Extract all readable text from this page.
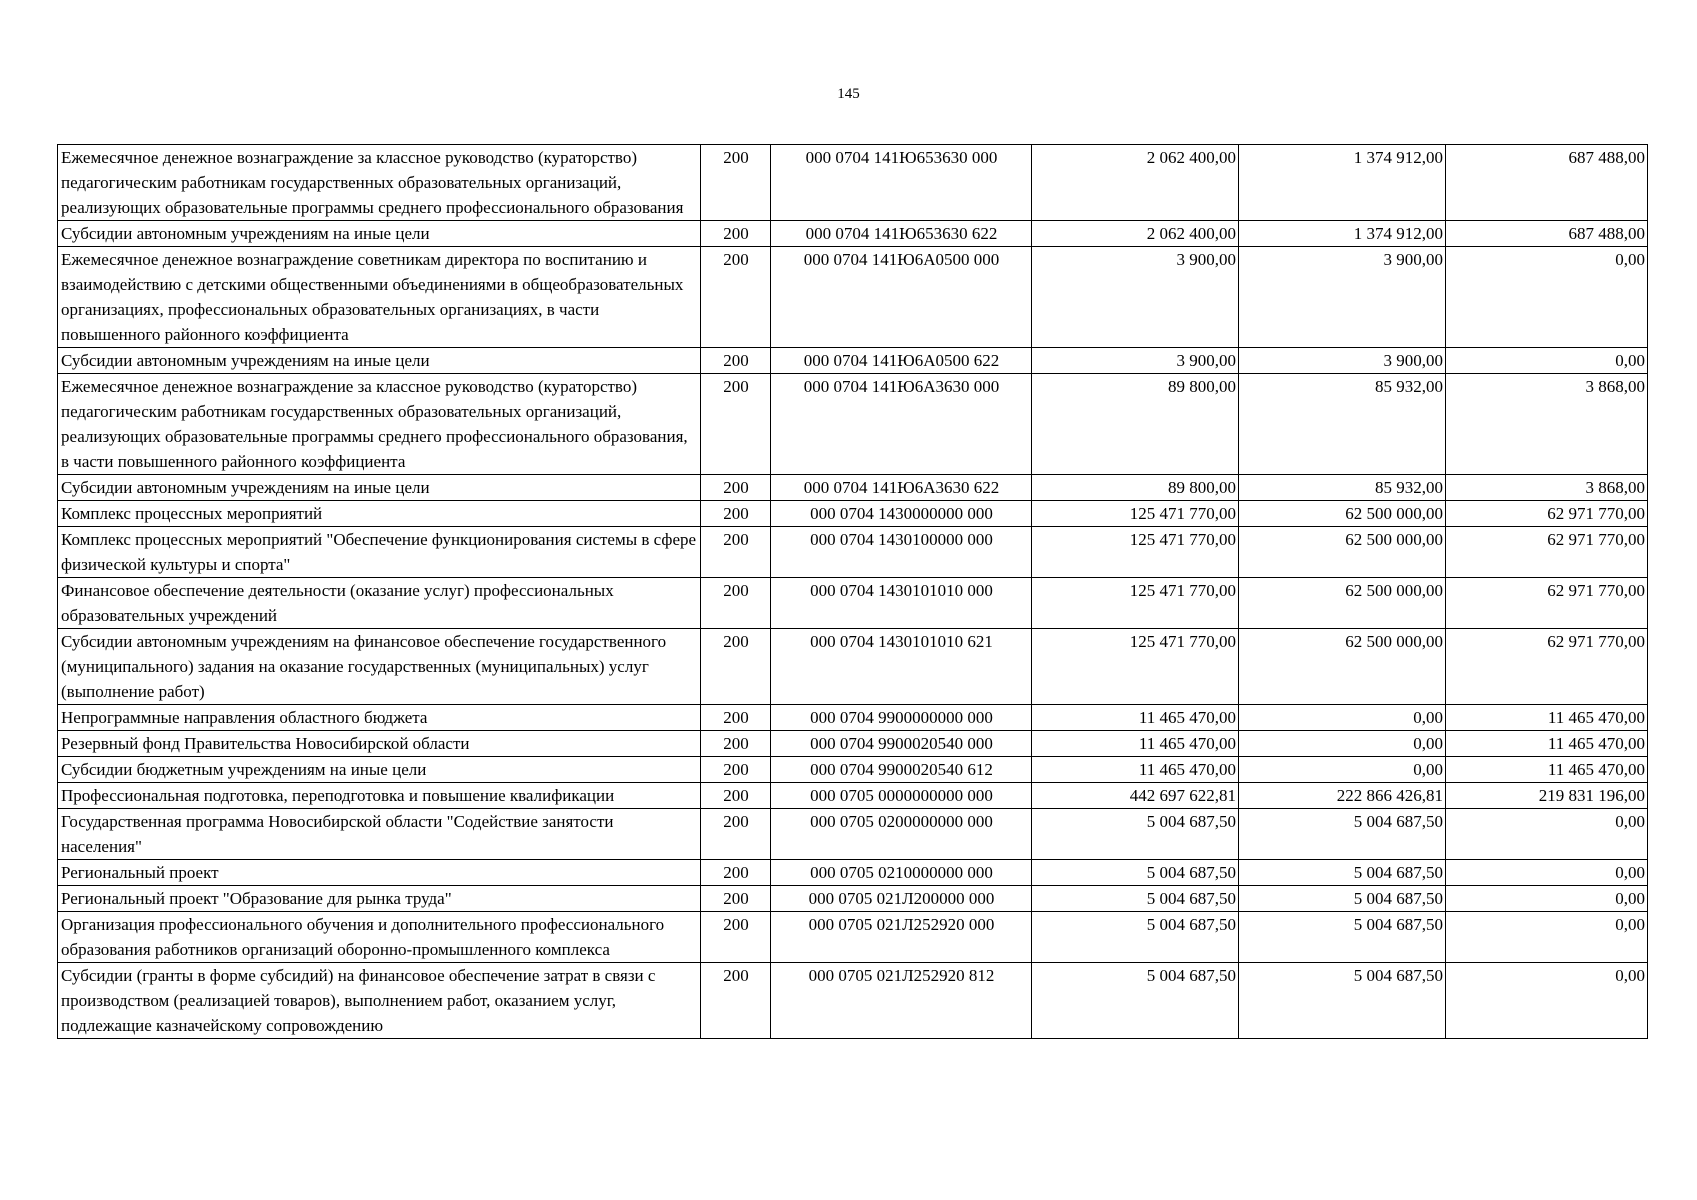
145
Ежемесячное денежное вознаграждение за классное руководство (кураторство) педагогическим работникам государственных образовательных организаций, реализующих образовательные программы среднего профессионального образования	200	000 0704 141Ю653630 000	2 062 400,00	1 374 912,00	687 488,00
Субсидии автономным учреждениям на иные цели	200	000 0704 141Ю653630 622	2 062 400,00	1 374 912,00	687 488,00
Ежемесячное денежное вознаграждение советникам директора по воспитанию и взаимодействию с детскими общественными объединениями в общеобразовательных организациях, профессиональных образовательных организациях, в части повышенного районного коэффициента	200	000 0704 141Ю6А0500 000	3 900,00	3 900,00	0,00
Субсидии автономным учреждениям на иные цели	200	000 0704 141Ю6А0500 622	3 900,00	3 900,00	0,00
Ежемесячное денежное вознаграждение за классное руководство (кураторство) педагогическим работникам государственных образовательных организаций, реализующих образовательные программы среднего профессионального образования, в части повышенного районного коэффициента	200	000 0704 141Ю6А3630 000	89 800,00	85 932,00	3 868,00
Субсидии автономным учреждениям на иные цели	200	000 0704 141Ю6А3630 622	89 800,00	85 932,00	3 868,00
Комплекс процессных мероприятий	200	000 0704 1430000000 000	125 471 770,00	62 500 000,00	62 971 770,00
Комплекс процессных мероприятий "Обеспечение функционирования системы в сфере физической культуры и спорта"	200	000 0704 1430100000 000	125 471 770,00	62 500 000,00	62 971 770,00
Финансовое обеспечение деятельности (оказание услуг) профессиональных образовательных учреждений	200	000 0704 1430101010 000	125 471 770,00	62 500 000,00	62 971 770,00
Субсидии автономным учреждениям на финансовое обеспечение государственного (муниципального) задания на оказание государственных (муниципальных) услуг (выполнение работ)	200	000 0704 1430101010 621	125 471 770,00	62 500 000,00	62 971 770,00
Непрограммные направления областного бюджета	200	000 0704 9900000000 000	11 465 470,00	0,00	11 465 470,00
Резервный фонд Правительства Новосибирской области	200	000 0704 9900020540 000	11 465 470,00	0,00	11 465 470,00
Субсидии бюджетным учреждениям на иные цели	200	000 0704 9900020540 612	11 465 470,00	0,00	11 465 470,00
Профессиональная подготовка, переподготовка и повышение квалификации	200	000 0705 0000000000 000	442 697 622,81	222 866 426,81	219 831 196,00
Государственная программа Новосибирской области "Содействие занятости населения"	200	000 0705 0200000000 000	5 004 687,50	5 004 687,50	0,00
Региональный проект	200	000 0705 0210000000 000	5 004 687,50	5 004 687,50	0,00
Региональный проект "Образование для рынка труда"	200	000 0705 021Л200000 000	5 004 687,50	5 004 687,50	0,00
Организация профессионального обучения и дополнительного профессионального образования работников организаций оборонно-промышленного комплекса	200	000 0705 021Л252920 000	5 004 687,50	5 004 687,50	0,00
Субсидии (гранты в форме субсидий) на финансовое обеспечение затрат в связи с производством (реализацией товаров), выполнением работ, оказанием услуг, подлежащие казначейскому сопровождению	200	000 0705 021Л252920 812	5 004 687,50	5 004 687,50	0,00
